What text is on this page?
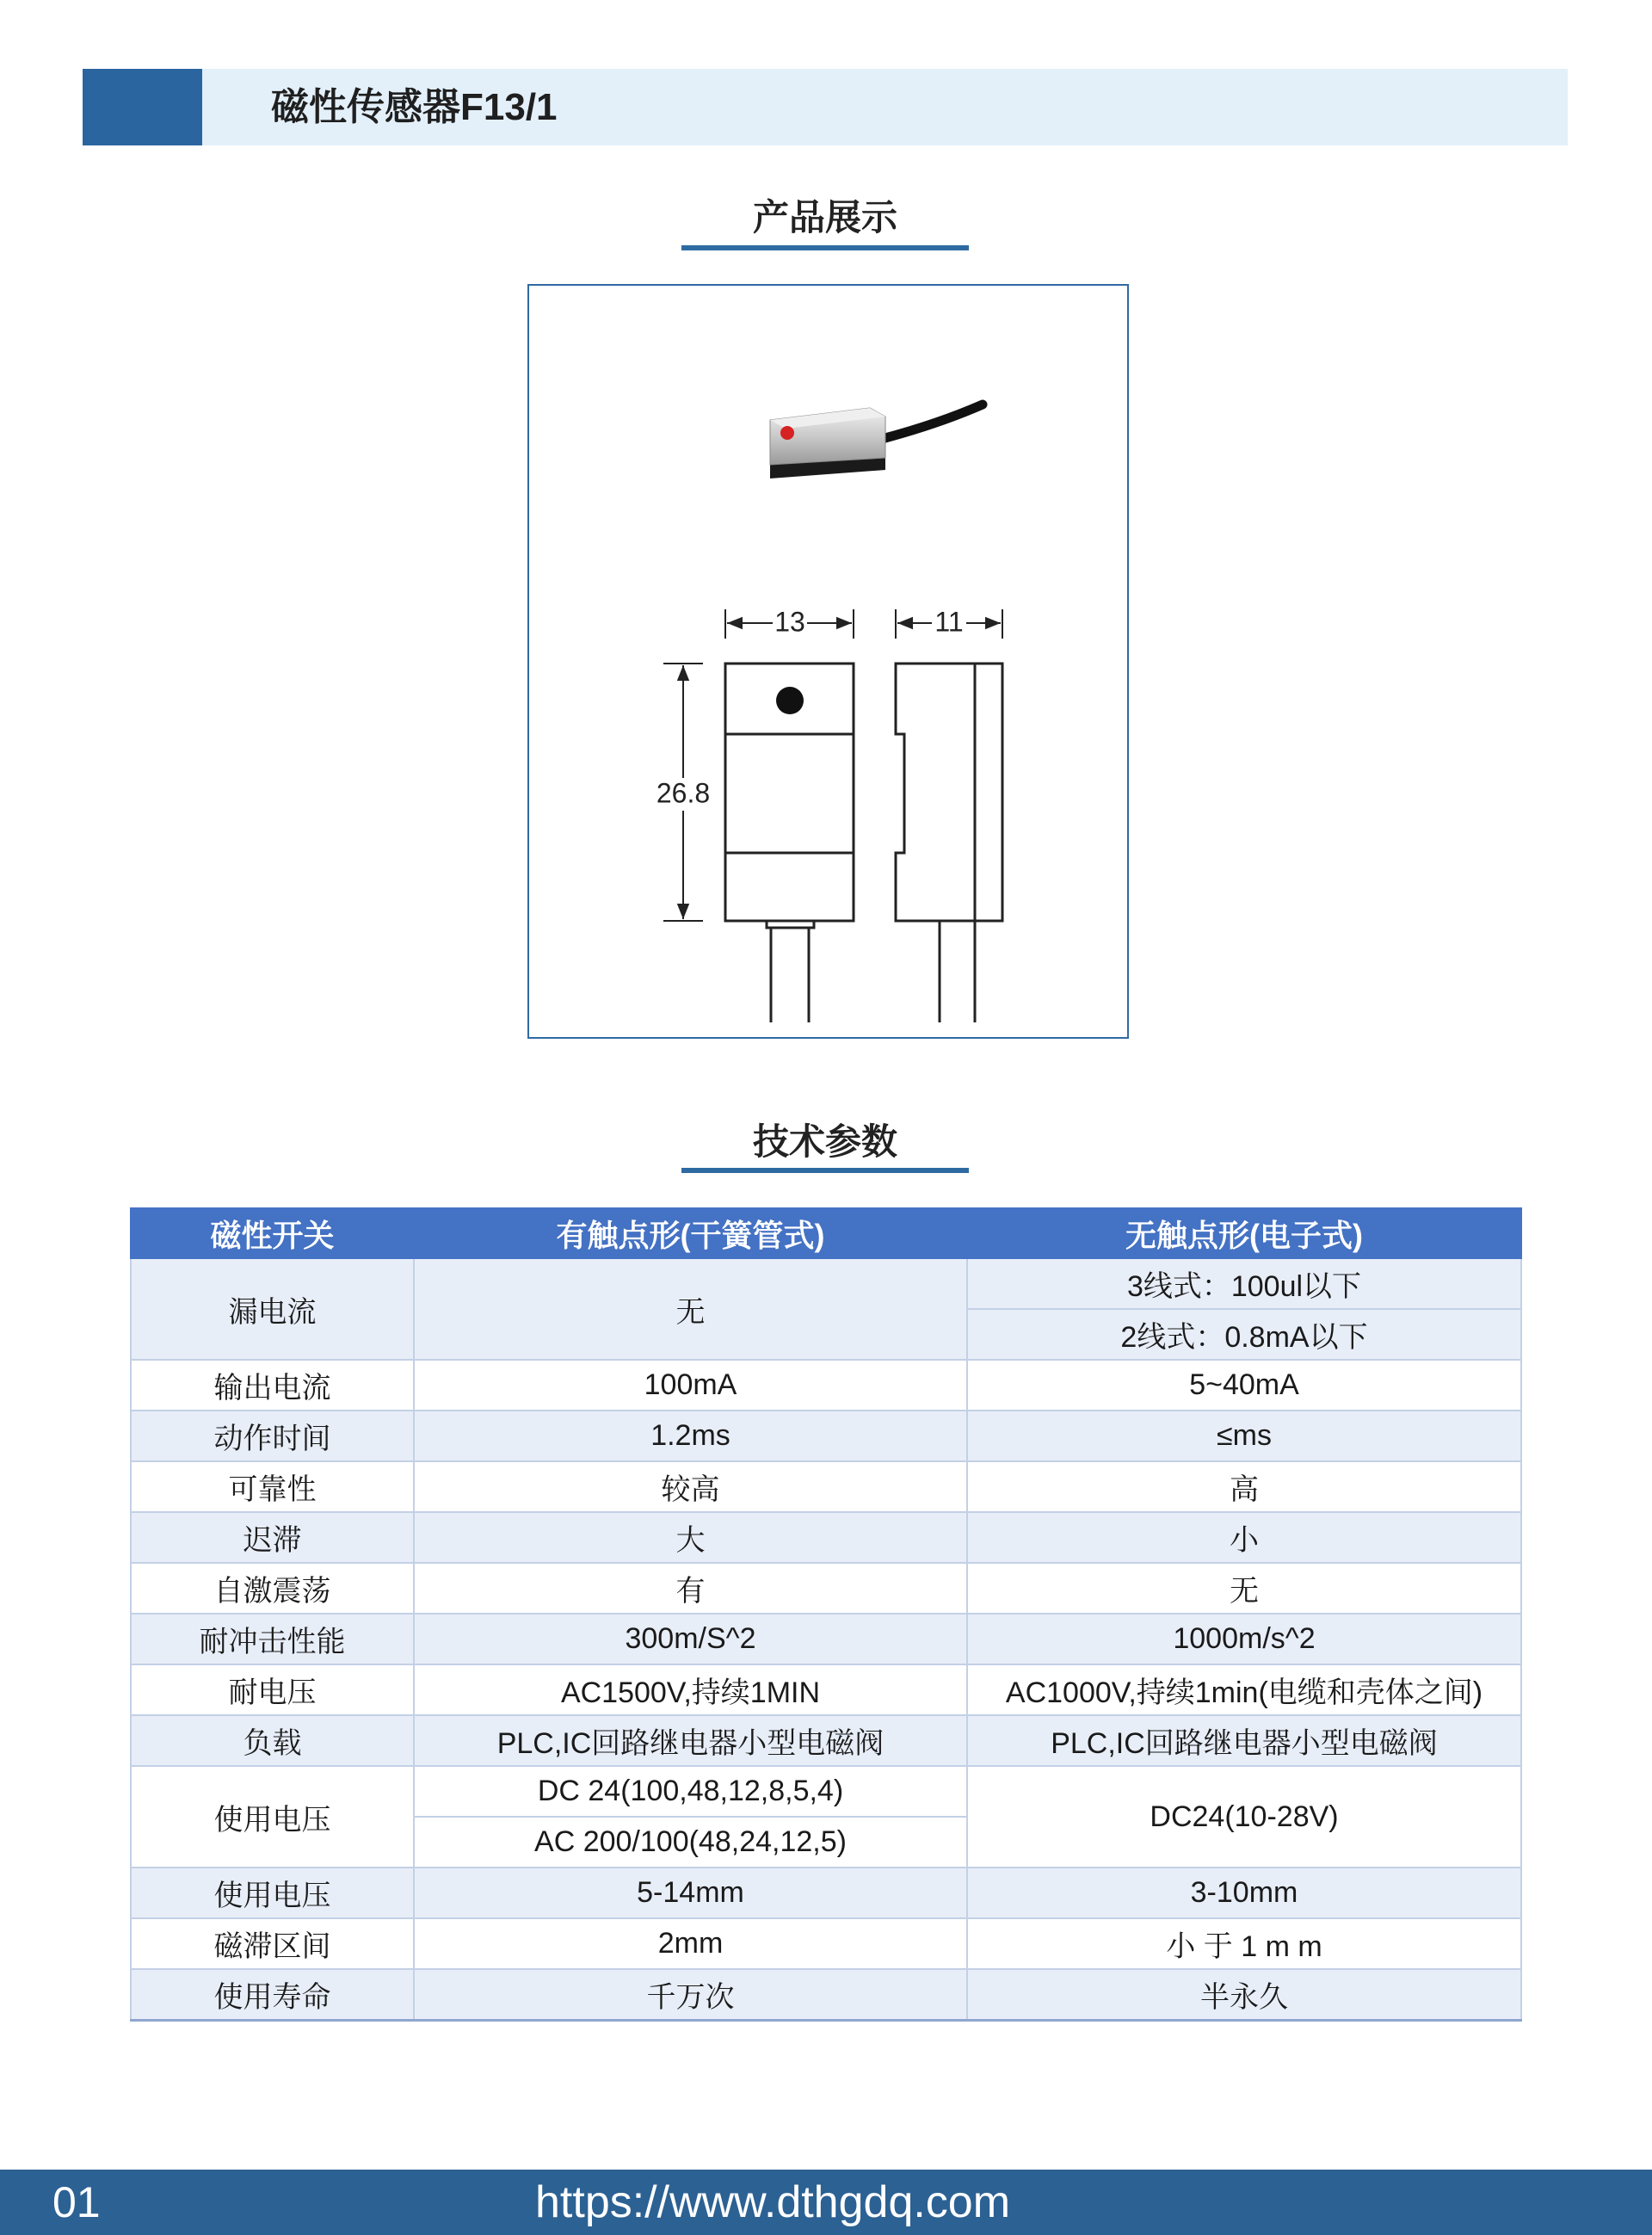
磁性传感器F13/1
产品展示
13	11
26.8
技术参数
磁性开关	有触点形(干簧管式)	无触点形(电子式)
漏电流	无	3线式：100ul以下
		2线式：0.8mA以下
输出电流	100mA	5~40mA
动作时间	1.2ms	≤ms
可靠性	较高	高
迟滞	大	小
自激震荡	有	无
耐冲击性能	300m/S^2	1000m/s^2
耐电压	AC1500V,持续1MIN	AC1000V,持续1min(电缆和壳体之间)
负载	PLC,IC回路继电器小型电磁阀	PLC,IC回路继电器小型电磁阀
使用电压	DC 24(100,48,12,8,5,4)	DC24(10-28V)
	AC 200/100(48,24,12,5)	
使用电压	5-14mm	3-10mm
磁滞区间	2mm	小 于 1 m m
使用寿命	千万次	半永久
01	https://www.dthgdq.com
